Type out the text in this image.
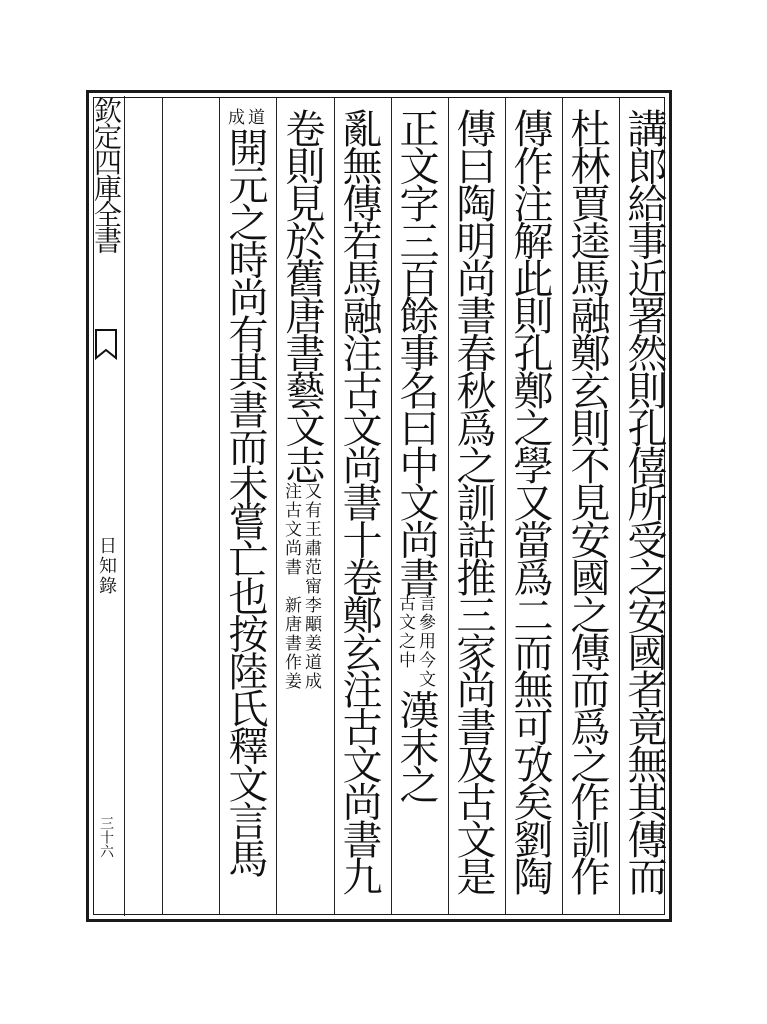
欽定四庫全書
日知錄
三十六	講郎給事近署然則孔僖所受之安國者竟無其傳而
杜林賈逵馬融鄭玄則不見安國之傳而爲之作訓作
傳作注解此則孔鄭之學又當爲二而無可攷矣劉陶
傳曰陶明尚書春秋爲之訓詁推三家尚書及古文是
正文字三百餘事名曰中文尚書
言參用今文
古文之中
漢末之
亂無傳若馬融注古文尚書十卷鄭玄注古文尚書九
卷則見於舊唐書藝文志
又有王肅范甯李顒姜道成
注古文尚書　新唐書作姜
道
成
開元之時尚有其書而未嘗亡也按陸氏釋文言馬
